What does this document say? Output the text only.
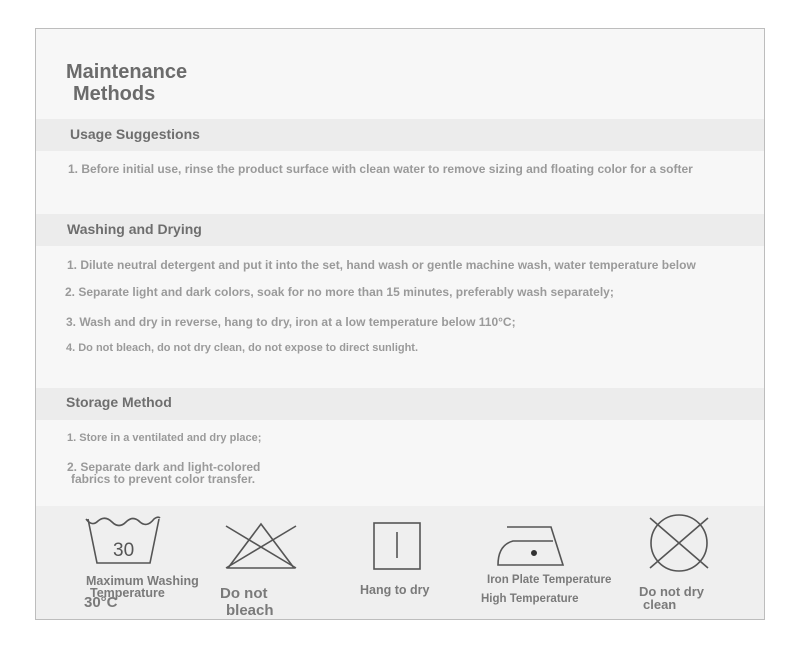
Maintenance
Methods
Usage Suggestions
1. Before initial use, rinse the product surface with clean water to remove sizing and floating color for a softer
Washing and Drying
1. Dilute neutral detergent and put it into the set, hand wash or gentle machine wash, water temperature below
2. Separate light and dark colors, soak for no more than 15 minutes, preferably wash separately;
3. Wash and dry in reverse, hang to dry, iron at a low temperature below 110°C;
4. Do not bleach, do not dry clean, do not expose to direct sunlight.
Storage Method
1. Store in a ventilated and dry place;
2. Separate dark and light-colored
fabrics to prevent color transfer.
30
Maximum Washing
Temperature
30°C
Do not
bleach
Hang to dry
Iron Plate Temperature
High Temperature	Do not dry
clean
